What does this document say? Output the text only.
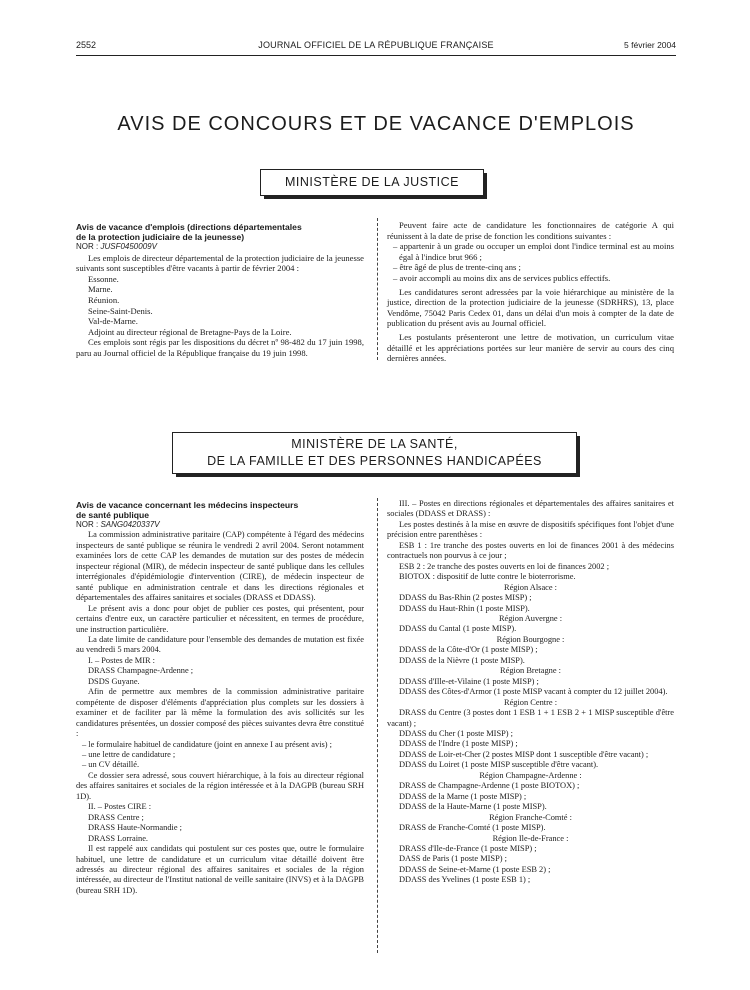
2552	JOURNAL OFFICIEL DE LA RÉPUBLIQUE FRANÇAISE	5 février 2004
AVIS DE CONCOURS ET DE VACANCE D'EMPLOIS
MINISTÈRE DE LA JUSTICE

Avis de vacance d'emplois (directions départementales

de la protection judiciaire de la jeunesse)

NOR : JUSF0450009V

Les emplois de directeur départemental de la protection judiciaire de la jeunesse suivants sont susceptibles d'être vacants à partir de février 2004 :

Essonne.

Marne.

Réunion.

Seine-Saint-Denis.

Val-de-Marne.

Adjoint au directeur régional de Bretagne-Pays de la Loire.

Ces emplois sont régis par les dispositions du décret nº 98-482 du 17 juin 1998, paru au Journal officiel de la République française du 19 juin 1998.

Peuvent faire acte de candidature les fonctionnaires de catégorie A qui réunissent à la date de prise de fonction les conditions suivantes :

– appartenir à un grade ou occuper un emploi dont l'indice terminal est au moins égal à l'indice brut 966 ;

– être âgé de plus de trente-cinq ans ;

– avoir accompli au moins dix ans de services publics effectifs.

Les candidatures seront adressées par la voie hiérarchique au ministère de la justice, direction de la protection judiciaire de la jeunesse (SDRHRS), 13, place Vendôme, 75042 Paris Cedex 01, dans un délai d'un mois à compter de la date de publication du présent avis au Journal officiel.

Les postulants présenteront une lettre de motivation, un curriculum vitae détaillé et les appréciations portées sur leur manière de servir au cours des cinq dernières années.

MINISTÈRE DE LA SANTÉ,
DE LA FAMILLE ET DES PERSONNES HANDICAPÉES

Avis de vacance concernant les médecins inspecteurs

de santé publique

NOR : SANG0420337V

La commission administrative paritaire (CAP) compétente à l'égard des médecins inspecteurs de santé publique se réunira le vendredi 2 avril 2004. Seront notamment examinées lors de cette CAP les demandes de mutation sur des postes de médecin inspecteur régional (MIR), de médecin inspecteur de santé publique dans les cellules interrégionales d'épidémiologie d'intervention (CIRE), de médecin inspecteur de santé publique en administration centrale et dans les directions régionales et départementales des affaires sanitaires et sociales (DRASS et DDASS).

Le présent avis a donc pour objet de publier ces postes, qui présentent, pour certains d'entre eux, un caractère particulier et nécessitent, en termes de procédure, une instruction particulière.

La date limite de candidature pour l'ensemble des demandes de mutation est fixée au vendredi 5 mars 2004.

I. – Postes de MIR :

DRASS Champagne-Ardenne ;

DSDS Guyane.

Afin de permettre aux membres de la commission administrative paritaire compétente de disposer d'éléments d'appréciation plus complets sur les dossiers à examiner et de faciliter par là même la formulation des avis sollicités sur les candidatures présentées, un dossier composé des pièces suivantes devra être constitué :

– le formulaire habituel de candidature (joint en annexe I au présent avis) ;

– une lettre de candidature ;

– un CV détaillé.

Ce dossier sera adressé, sous couvert hiérarchique, à la fois au directeur régional des affaires sanitaires et sociales de la région intéressée et à la DAGPB (bureau SRH 1D).

II. – Postes CIRE :

DRASS Centre ;

DRASS Haute-Normandie ;

DRASS Lorraine.

Il est rappelé aux candidats qui postulent sur ces postes que, outre le formulaire habituel, une lettre de candidature et un curriculum vitae détaillé doivent être adressés au directeur régional des affaires sanitaires et sociales de la région intéressée, au directeur de l'Institut national de veille sanitaire (INVS) et à la DAGPB (bureau SRH 1D).

III. – Postes en directions régionales et départementales des affaires sanitaires et sociales (DDASS et DRASS) :

Les postes destinés à la mise en œuvre de dispositifs spécifiques font l'objet d'une précision entre parenthèses :

ESB 1 : 1re tranche des postes ouverts en loi de finances 2001 à des médecins contractuels non pourvus à ce jour ;

ESB 2 : 2e tranche des postes ouverts en loi de finances 2002 ;

BIOTOX : dispositif de lutte contre le bioterrorisme.

Région Alsace :

DDASS du Bas-Rhin (2 postes MISP) ;

DDASS du Haut-Rhin (1 poste MISP).

Région Auvergne :

DDASS du Cantal (1 poste MISP).

Région Bourgogne :

DDASS de la Côte-d'Or (1 poste MISP) ;

DDASS de la Nièvre (1 poste MISP).

Région Bretagne :

DDASS d'Ille-et-Vilaine (1 poste MISP) ;

DDASS des Côtes-d'Armor (1 poste MISP vacant à compter du 12 juillet 2004).

Région Centre :

DRASS du Centre (3 postes dont 1 ESB 1 + 1 ESB 2 + 1 MISP susceptible d'être vacant) ;

DDASS du Cher (1 poste MISP) ;

DDASS de l'Indre (1 poste MISP) ;

DDASS de Loir-et-Cher (2 postes MISP dont 1 susceptible d'être vacant) ;

DDASS du Loiret (1 poste MISP susceptible d'être vacant).

Région Champagne-Ardenne :

DRASS de Champagne-Ardenne (1 poste BIOTOX) ;

DDASS de la Marne (1 poste MISP) ;

DDASS de la Haute-Marne (1 poste MISP).

Région Franche-Comté :

DRASS de Franche-Comté (1 poste MISP).

Région Ile-de-France :

DRASS d'Ile-de-France (1 poste MISP) ;

DASS de Paris (1 poste MISP) ;

DDASS de Seine-et-Marne (1 poste ESB 2) ;

DDASS des Yvelines (1 poste ESB 1) ;
